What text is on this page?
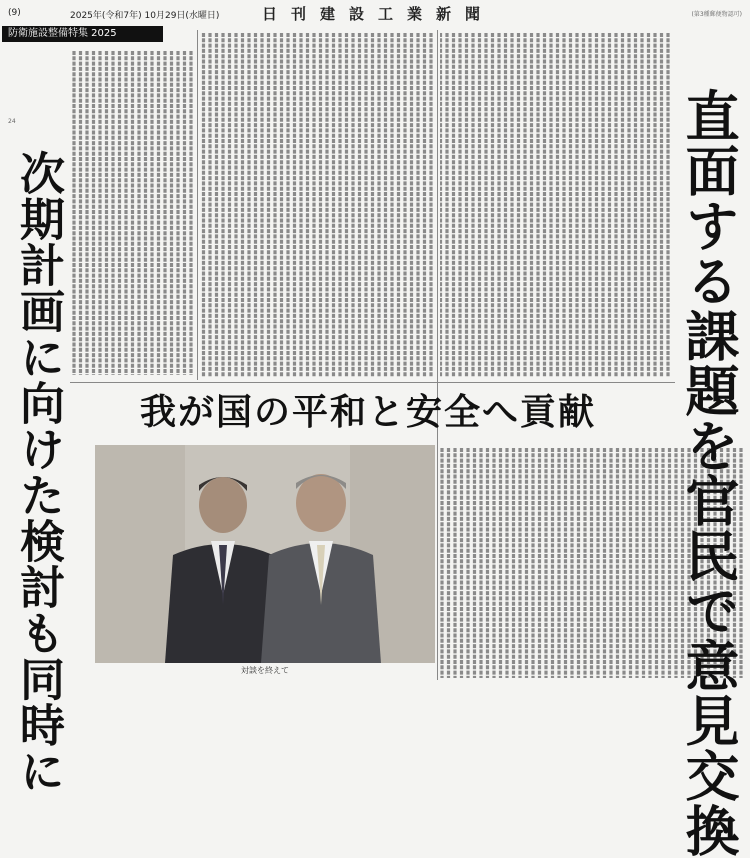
(9)	2025年(令和7年) 10月29日(水曜日)	日刊建設工業新聞	(第3種郵便物認可)
防衛施設整備特集 2025
直面する課題を官民で意見交換
次期計画に向けた検討も同時に	我が国の平和と安全へ貢献
対談を終えて
24
